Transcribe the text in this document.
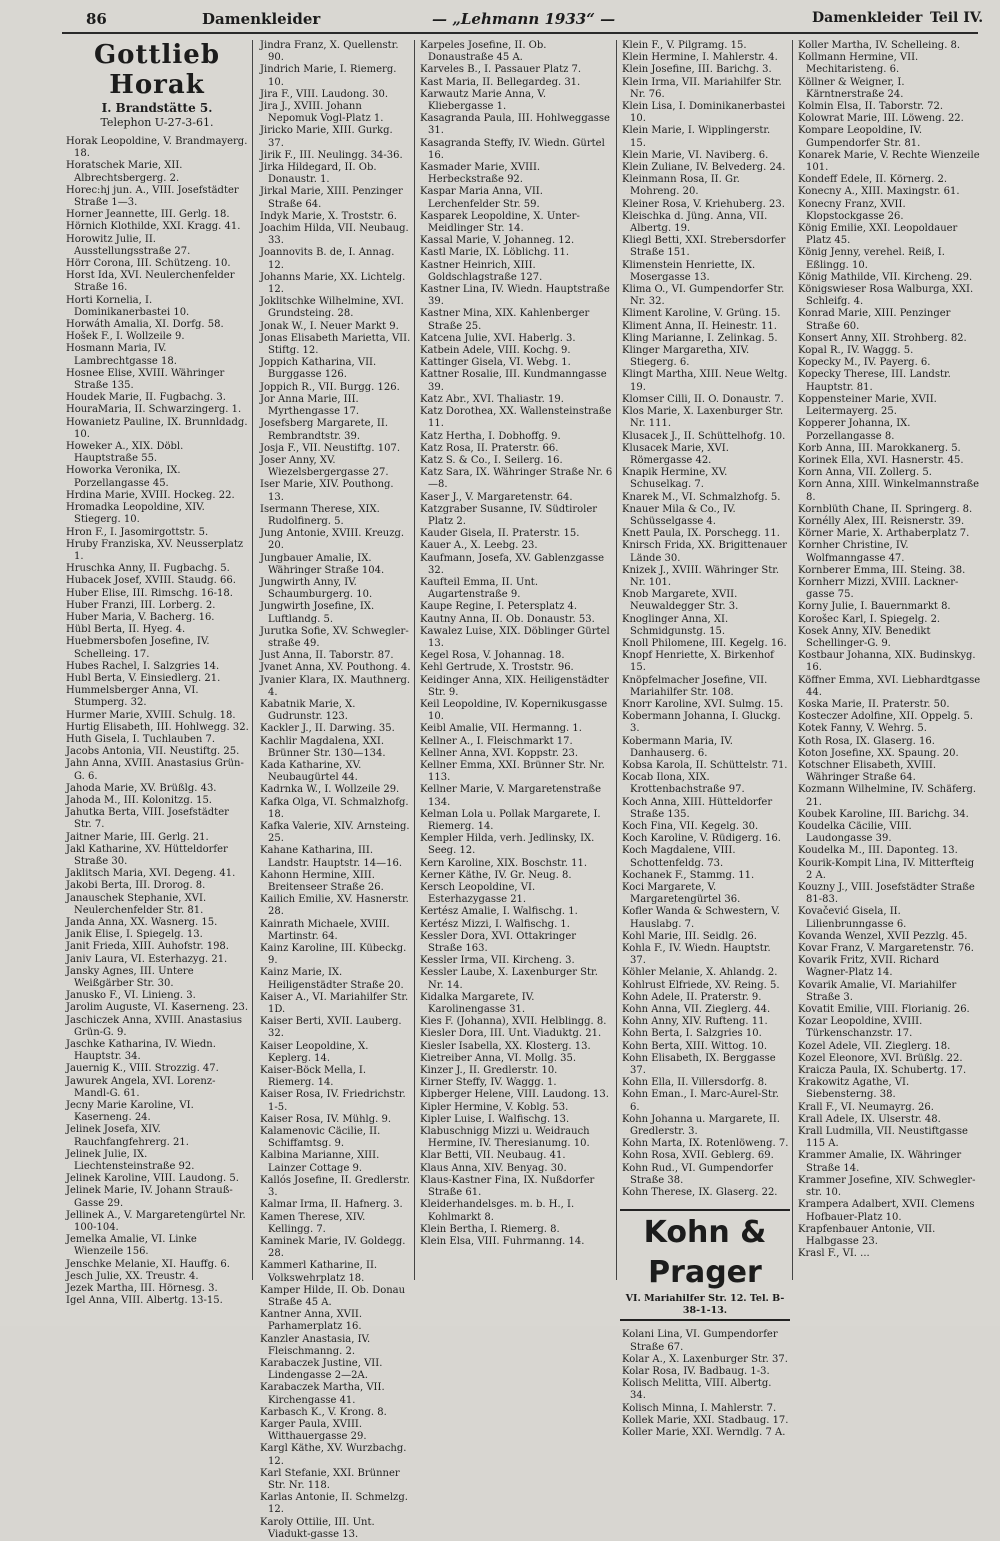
86	Damenkleider	— „Lehmann 1933“ —	Damenkleider Teil IV.
Gottlieb Horak
I. Brandstätte 5.
Telephon U-27-3-61.
Horak Leopoldine, V. Brandmayerg. 18.
Horatschek Marie, XII. Albrechtsbergerg. 2.
Horec:hj jun. A., VIII. Josefstädter Straße 1—3.
Horner Jeannette, III. Gerlg. 18.
Hörnich Klothilde, XXI. Kragg. 41.
Horowitz Julie, II. Ausstellungsstraße 27.
Hörr Corona, III. Schützeng. 10.
Horst Ida, XVI. Neulerchenfelder Straße 16.
Horti Kornelia, I. Dominikanerbastei 10.
Horwáth Amalia, XI. Dorfg. 58.
Hošek F., I. Wollzeile 9.
Hosmann Maria, IV. Lambrechtgasse 18.
Hosnee Elise, XVIII. Währinger Straße 135.
Houdek Marie, II. Fugbachg. 3.
HouraMaria, II. Schwarzingerg. 1.
Howanietz Pauline, IX. Brunnldadg. 10.
Howeker A., XIX. Döbl. Hauptstraße 55.
Howorka Veronika, IX. Porzellangasse 45.
Hrdina Marie, XVIII. Hockeg. 22.
Hromadka Leopoldine, XIV. Stiegerg. 10.
Hron F., I. Jasomirgottstr. 5.
Hruby Franziska, XV. Neusserplatz 1.
Hruschka Anny, II. Fugbachg. 5.
Hubacek Josef, XVIII. Staudg. 66.
Huber Elise, III. Rimschg. 16-18.
Huber Franzi, III. Lorberg. 2.
Huber Maria, V. Bacherg. 16.
Hübl Berta, II. Hyeg. 4.
Huebmersbofen Josefine, IV. Schelleing. 17.
Hubes Rachel, I. Salzgries 14.
Hubl Berta, V. Einsiedlerg. 21.
Hummelsberger Anna, VI. Stumperg. 32.
Hurmer Marie, XVIII. Schulg. 18.
Hurtig Elisabeth, III. Hohlwegg. 32.
Huth Gisela, I. Tuchlauben 7.
Jacobs Antonia, VII. Neustiftg. 25.
Jahn Anna, XVIII. Anastasius Grün-G. 6.
Jahoda Marie, XV. Brüßlg. 43.
Jahoda M., III. Kolonitzg. 15.
Jahutka Berta, VIII. Josefstädter Str. 7.
Jaitner Marie, III. Gerlg. 21.
Jakl Katharine, XV. Hütteldorfer Straße 30.
Jaklitsch Maria, XVI. Degeng. 41.
Jakobi Berta, III. Drorog. 8.
Janauschek Stephanie, XVI. Neulerchenfelder Str. 81.
Janda Anna, XX. Wasnerg. 15.
Janik Elise, I. Spiegelg. 13.
Janit Frieda, XIII. Auhofstr. 198.
Janiv Laura, VI. Esterhazyg. 21.
Jansky Agnes, III. Untere Weißgärber Str. 30.
Janusko F., VI. Linieng. 3.
Jarolim Auguste, VI. Kaserneng. 23.
Jaschiczek Anna, XVIII. Anastasius Grün-G. 9.
Jaschke Katharina, IV. Wiedn. Hauptstr. 34.
Jauernig K., VIII. Strozzig. 47.
Jawurek Angela, XVI. Lorenz-Mandl-G. 61.
Jecny Marie Karoline, VI. Kaserneng. 24.
Jelinek Josefa, XIV. Rauchfangfehrerg. 21.
Jelinek Julie, IX. Liechtensteinstraße 92.
Jelinek Karoline, VIII. Laudong. 5.
Jelinek Marie, IV. Johann Strauß-Gasse 29.
Jellinek A., V. Margaretengürtel Nr. 100-104.
Jemelka Amalie, VI. Linke Wienzeile 156.
Jenschke Melanie, XI. Hauffg. 6.
Jesch Julie, XX. Treustr. 4.
Jezek Martha, III. Hörnesg. 3.
Igel Anna, VIII. Albertg. 13-15.
Jindra Franz, X. Quellenstr. 90.
Jindrich Marie, I. Riemerg. 10.
Jira F., VIII. Laudong. 30.
Jira J., XVIII. Johann Nepomuk Vogl-Platz 1.
Jiricko Marie, XIII. Gurkg. 37.
Jirik F., III. Neulingg. 34-36.
Jirka Hildegard, II. Ob. Donaustr. 1.
Jirkal Marie, XIII. Penzinger Straße 64.
Indyk Marie, X. Troststr. 6.
Joachim Hilda, VII. Neubaug. 33.
Joannovits B. de, I. Annag. 12.
Johanns Marie, XX. Lichtelg. 12.
Joklitschke Wilhelmine, XVI. Grundsteing. 28.
Jonak W., I. Neuer Markt 9.
Jonas Elisabeth Marietta, VII. Stiftg. 12.
Joppich Katharina, VII. Burggasse 126.
Joppich R., VII. Burgg. 126.
Jor Anna Marie, III. Myrthengasse 17.
Josefsberg Margarete, II. Rembrandtstr. 39.
Josja F., VII. Neustiftg. 107.
Joser Anny, XV. Wiezelsbergergasse 27.
Iser Marie, XIV. Pouthong. 13.
Isermann Therese, XIX. Rudolfinerg. 5.
Jung Antonie, XVIII. Kreuzg. 20.
Jungbauer Amalie, IX. Währinger Straße 104.
Jungwirth Anny, IV. Schaumburgerg. 10.
Jungwirth Josefine, IX. Luftlandg. 5.
Jurutka Sofie, XV. Schwegler-straße 49.
Just Anna, II. Taborstr. 87.
Jvanet Anna, XV. Pouthong. 4.
Jvanier Klara, IX. Mauthnerg. 4.
Kabatnik Marie, X. Gudrunstr. 123.
Kackler J., II. Darwing. 35.
Kachlir Magdalena, XXI. Brünner Str. 130—134.
Kada Katharine, XV. Neubaugürtel 44.
Kadrnka W., I. Wollzeile 29.
Kafka Olga, VI. Schmalzhofg. 18.
Kafka Valerie, XIV. Arnsteing. 25.
Kahane Katharina, III. Landstr. Hauptstr. 14—16.
Kahonn Hermine, XIII. Breitenseer Straße 26.
Kailich Emilie, XV. Hasnerstr. 28.
Kainrath Michaele, XVIII. Martinstr. 64.
Kainz Karoline, III. Kübeckg. 9.
Kainz Marie, IX. Heiligenstädter Straße 20.
Kaiser A., VI. Mariahilfer Str. 1D.
Kaiser Berti, XVII. Lauberg. 32.
Kaiser Leopoldine, X. Keplerg. 14.
Kaiser-Böck Mella, I. Riemerg. 14.
Kaiser Rosa, IV. Friedrichstr. 1-5.
Kaiser Rosa, IV. Mühlg. 9.
Kalamenovic Cäcilie, II. Schiffamtsg. 9.
Kalbina Marianne, XIII. Lainzer Cottage 9.
Kallós Josefine, II. Gredlerstr. 3.
Kalmar Irma, II. Hafnerg. 3.
Kamen Therese, XIV. Kellingg. 7.
Kaminek Marie, IV. Goldegg. 28.
Kammerl Katharine, II. Volkswehrplatz 18.
Kamper Hilde, II. Ob. Donau Straße 45 A.
Kantner Anna, XVII. Parhamerplatz 16.
Kanzler Anastasia, IV. Fleischmanng. 2.
Karabaczek Justine, VII. Lindengasse 2—2A.
Karabaczek Martha, VII. Kirchengasse 41.
Karbasch K., V. Krong. 8.
Karger Paula, XVIII. Witthauergasse 29.
Kargl Käthe, XV. Wurzbachg. 12.
Karl Stefanie, XXI. Brünner Str. Nr. 118.
Karlas Antonie, II. Schmelzg. 12.
Karoly Ottilie, III. Unt. Viadukt-gasse 13.
Karpeles Josefine, II. Ob. Donaustraße 45 A.
Karveles B., I. Passauer Platz 7.
Kast Maria, II. Bellegardeg. 31.
Karwautz Marie Anna, V. Kliebergasse 1.
Kasagranda Paula, III. Hohlweggasse 31.
Kasagranda Steffy, IV. Wiedn. Gürtel 16.
Kasmader Marie, XVIII. Herbeckstraße 92.
Kaspar Maria Anna, VII. Lerchenfelder Str. 59.
Kasparek Leopoldine, X. Unter-Meidlinger Str. 14.
Kassal Marie, V. Johanneg. 12.
Kastl Marie, IX. Löblichg. 11.
Kastner Heinrich, XIII. Goldschlagstraße 127.
Kastner Lina, IV. Wiedn. Hauptstraße 39.
Kastner Mina, XIX. Kahlenberger Straße 25.
Katcena Julie, XVI. Haberlg. 3.
Katbein Adele, VIII. Kochg. 9.
Kattinger Gisela, VI. Webg. 1.
Kattner Rosalie, III. Kundmanngasse 39.
Katz Abr., XVI. Thaliastr. 19.
Katz Dorothea, XX. Wallensteinstraße 11.
Katz Hertha, I. Dobhoffg. 9.
Katz Rosa, II. Praterstr. 66.
Katz S. & Co., I. Seilerg. 16.
Katz Sara, IX. Währinger Straße Nr. 6—8.
Kaser J., V. Margaretenstr. 64.
Katzgraber Susanne, IV. Südtiroler Platz 2.
Kauder Gisela, II. Praterstr. 15.
Kauer A., X. Leebg. 23.
Kaufmann, Josefa, XV. Gablenzgasse 32.
Kaufteil Emma, II. Unt. Augartenstraße 9.
Kaupe Regine, I. Petersplatz 4.
Kautny Anna, II. Ob. Donaustr. 53.
Kawalez Luise, XIX. Döblinger Gürtel 13.
Kegel Rosa, V. Johannag. 18.
Kehl Gertrude, X. Troststr. 96.
Keidinger Anna, XIX. Heiligenstädter Str. 9.
Keil Leopoldine, IV. Kopernikusgasse 10.
Keibl Amalie, VII. Hermanng. 1.
Kellner A., I. Fleischmarkt 17.
Kellner Anna, XVI. Koppstr. 23.
Kellner Emma, XXI. Brünner Str. Nr. 113.
Kellner Marie, V. Margaretenstraße 134.
Kelman Lola u. Pollak Margarete, I. Riemerg. 14.
Kempler Hilda, verh. Jedlinsky, IX. Seeg. 12.
Kern Karoline, XIX. Boschstr. 11.
Kerner Käthe, IV. Gr. Neug. 8.
Kersch Leopoldine, VI. Esterhazygasse 21.
Kertész Amalie, I. Walfischg. 1.
Kertész Mizzi, I. Walfischg. 1.
Kessler Dora, XVI. Ottakringer Straße 163.
Kessler Irma, VII. Kircheng. 3.
Kessler Laube, X. Laxenburger Str. Nr. 14.
Kidalka Margarete, IV. Karolinengasse 31.
Kies F. (Johanna), XVII. Helblingg. 8.
Kiesler Dora, III. Unt. Viaduktg. 21.
Kiesler Isabella, XX. Klosterg. 13.
Kietreiber Anna, VI. Mollg. 35.
Kinzer J., II. Gredlerstr. 10.
Kirner Steffy, IV. Waggg. 1.
Kipberger Helene, VIII. Laudong. 13.
Kipler Hermine, V. Koblg. 53.
Kipler Luise, I. Walfischg. 13.
Klabuschnigg Mizzi u. Weidrauch Hermine, IV. Theresianumg. 10.
Klar Betti, VII. Neubaug. 41.
Klaus Anna, XIV. Benyag. 30.
Klaus-Kastner Fina, IX. Nußdorfer Straße 61.
Kleiderhandelsges. m. b. H., I. Kohlmarkt 8.
Klein Bertha, I. Riemerg. 8.
Klein Elsa, VIII. Fuhrmanng. 14.
Klein F., V. Pilgramg. 15.
Klein Hermine, I. Mahlerstr. 4.
Klein Josefine, III. Barichg. 3.
Klein Irma, VII. Mariahilfer Str. Nr. 76.
Klein Lisa, I. Dominikanerbastei 10.
Klein Marie, I. Wipplingerstr. 15.
Klein Marie, VI. Naviberg. 6.
Klein Zuliane, IV. Belvederg. 24.
Kleinmann Rosa, II. Gr. Mohreng. 20.
Kleiner Rosa, V. Kriehuberg. 23.
Kleischka d. Jüng. Anna, VII. Albertg. 19.
Kliegl Betti, XXI. Strebersdorfer Straße 151.
Klimenstein Henriette, IX. Mosergasse 13.
Klima O., VI. Gumpendorfer Str. Nr. 32.
Kliment Karoline, V. Grüng. 15.
Kliment Anna, II. Heinestr. 11.
Kling Marianne, I. Zelinkag. 5.
Klinger Margaretha, XIV. Stiegerg. 6.
Klingt Martha, XIII. Neue Weltg. 19.
Klomser Cilli, II. O. Donaustr. 7.
Klos Marie, X. Laxenburger Str. Nr. 111.
Klusacek J., II. Schüttelhofg. 10.
Klusacek Marie, XVI. Römergasse 42.
Knapik Hermine, XV. Schuselkag. 7.
Knarek M., VI. Schmalzhofg. 5.
Knauer Mila & Co., IV. Schüsselgasse 4.
Knett Paula, IX. Porschegg. 11.
Knirsch Frida, XX. Brigittenauer Lände 30.
Knizek J., XVIII. Währinger Str. Nr. 101.
Knob Margarete, XVII. Neuwaldegger Str. 3.
Knoglinger Anna, XI. Schmidgunstg. 15.
Knoll Philomene, III. Kegelg. 16.
Knopf Henriette, X. Birkenhof 15.
Knöpfelmacher Josefine, VII. Mariahilfer Str. 108.
Knorr Karoline, XVI. Sulmg. 15.
Kobermann Johanna, I. Gluckg. 3.
Kobermann Maria, IV. Danhauserg. 6.
Kobsa Karola, II. Schüttelstr. 71.
Kocab Ilona, XIX. Krottenbachstraße 97.
Koch Anna, XIII. Hütteldorfer Straße 135.
Koch Fina, VII. Kegelg. 30.
Koch Karoline, V. Rüdigerg. 16.
Koch Magdalene, VIII. Schottenfeldg. 73.
Kochanek F., Stammg. 11.
Koci Margarete, V. Margaretengürtel 36.
Kofler Wanda & Schwestern, V. Hauslabg. 7.
Kohl Marie, III. Seidlg. 26.
Kohla F., IV. Wiedn. Hauptstr. 37.
Köhler Melanie, X. Ahlandg. 2.
Kohlrust Elfriede, XV. Reing. 5.
Kohn Adele, II. Praterstr. 9.
Kohn Anna, VII. Zieglerg. 44.
Kohn Anny, XIV. Rufteng. 11.
Kohn Berta, I. Salzgries 10.
Kohn Berta, XIII. Wittog. 10.
Kohn Elisabeth, IX. Berggasse 37.
Kohn Ella, II. Villersdorfg. 8.
Kohn Eman., I. Marc-Aurel-Str. 6.
Kohn Johanna u. Margarete, II. Gredlerstr. 3.
Kohn Marta, IX. Rotenlöweng. 7.
Kohn Rosa, XVII. Geblerg. 69.
Kohn Rud., VI. Gumpendorfer Straße 38.
Kohn Therese, IX. Glaserg. 22.
Kohn & Prager
VI. Mariahilfer Str. 12. Tel. B-38-1-13.
Kolani Lina, VI. Gumpendorfer Straße 67.
Kolar A., X. Laxenburger Str. 37.
Kolar Rosa, IV. Badbaug. 1-3.
Kolisch Melitta, VIII. Albertg. 34.
Kolisch Minna, I. Mahlerstr. 7.
Kollek Marie, XXI. Stadbaug. 17.
Koller Marie, XXI. Werndlg. 7 A.
Koller Martha, IV. Schelleing. 8.
Kollmann Hermine, VII. Mechitaristeng. 6.
Köllner & Weigner, I. Kärntnerstraße 24.
Kolmin Elsa, II. Taborstr. 72.
Kolowrat Marie, III. Löweng. 22.
Kompare Leopoldine, IV. Gumpendorfer Str. 81.
Konarek Marie, V. Rechte Wienzeile 101.
Kondeff Edele, II. Körnerg. 2.
Konecny A., XIII. Maxingstr. 61.
Konecny Franz, XVII. Klopstockgasse 26.
König Emilie, XXI. Leopoldauer Platz 45.
König Jenny, verehel. Reiß, I. Eßlingg. 10.
König Mathilde, VII. Kircheng. 29.
Königswieser Rosa Walburga, XXI. Schleifg. 4.
Konrad Marie, XIII. Penzinger Straße 60.
Konsert Anny, XII. Strohberg. 82.
Kopal R., IV. Waggg. 5.
Kopecky M., IV. Payerg. 6.
Kopecky Therese, III. Landstr. Hauptstr. 81.
Koppensteiner Marie, XVII. Leitermayerg. 25.
Kopperer Johanna, IX. Porzellangasse 8.
Korb Anna, III. Marokkanerg. 5.
Korinek Ella, XVI. Hasnerstr. 45.
Korn Anna, VII. Zollerg. 5.
Korn Anna, XIII. Winkelmannstraße 8.
Kornblüth Chane, II. Springerg. 8.
Kornélly Alex, III. Reisnerstr. 39.
Körner Marie, X. Arthaberplatz 7.
Kornher Christine, IV. Wolfmanngasse 47.
Kornberer Emma, III. Steing. 38.
Kornherr Mizzi, XVIII. Lackner-gasse 75.
Korny Julie, I. Bauernmarkt 8.
Korošec Karl, I. Spiegelg. 2.
Kosek Anny, XIV. Benedikt Schellinger-G. 9.
Kostbaur Johanna, XIX. Budinskyg. 16.
Köffner Emma, XVI. Liebhardtgasse 44.
Koska Marie, II. Praterstr. 50.
Kosteczer Adolfine, XII. Oppelg. 5.
Kotek Fanny, V. Wehrg. 5.
Koth Rosa, IX. Glaserg. 16.
Koton Josefine, XX. Spaung. 20.
Kotschner Elisabeth, XVIII. Währinger Straße 64.
Kozmann Wilhelmine, IV. Schäferg. 21.
Koubek Karoline, III. Barichg. 34.
Koudelka Cäcilie, VIII. Laudongasse 39.
Koudelka M., III. Daponteg. 13.
Kourik-Kompit Lina, IV. Mitterfteig 2 A.
Kouzny J., VIII. Josefstädter Straße 81-83.
Kovačević Gisela, II. Lilienbrunngasse 6.
Kovanda Wenzel, XVII Pezzlg. 45.
Kovar Franz, V. Margaretenstr. 76.
Kovarik Fritz, XVII. Richard Wagner-Platz 14.
Kovarik Amalie, VI. Mariahilfer Straße 3.
Kovatit Emilie, VIII. Florianig. 26.
Kozar Leopoldine, XVIII. Türkenschanzstr. 17.
Kozel Adele, VII. Zieglerg. 18.
Kozel Eleonore, XVI. Brüßlg. 22.
Kraicza Paula, IX. Schubertg. 17.
Krakowitz Agathe, VI. Siebensterng. 38.
Krall F., VI. Neumayrg. 26.
Krall Adele, IX. Ulserstr. 48.
Krall Ludmilla, VII. Neustiftgasse 115 A.
Krammer Amalie, IX. Währinger Straße 14.
Krammer Josefine, XIV. Schwegler-str. 10.
Krampera Adalbert, XVII. Clemens Hofbauer-Platz 10.
Krapfenbauer Antonie, VII. Halbgasse 23.
Krasl F., VI. ...
